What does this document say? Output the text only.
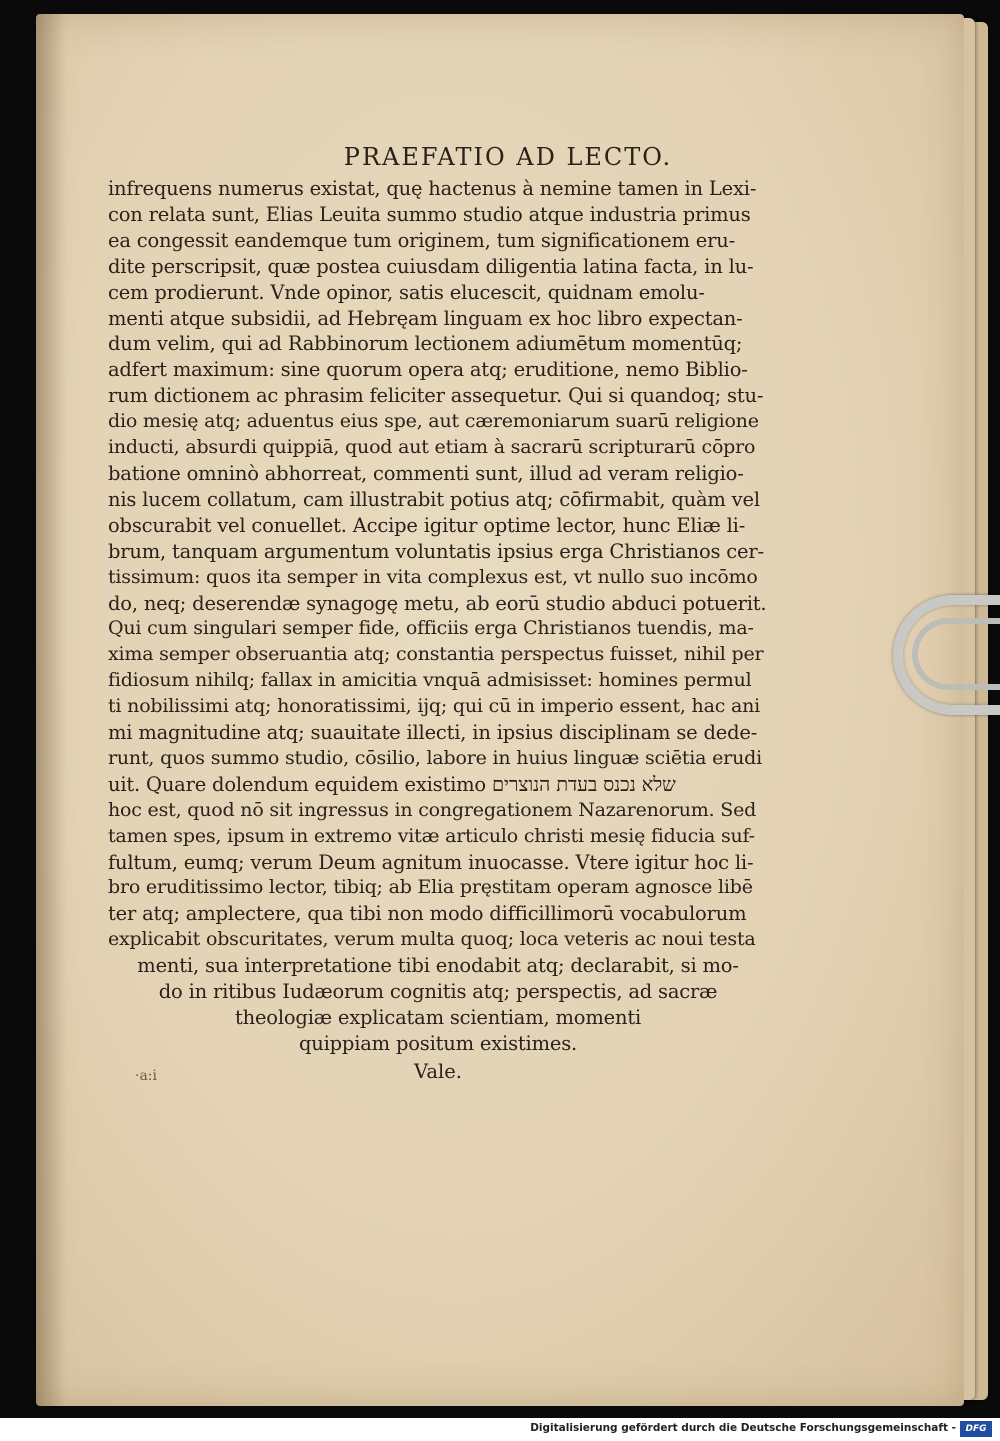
PRAEFATIO AD LECTO.
infrequens numerus existat, quę hactenus à nemine tamen in Lexi-
con relata sunt, Elias Leuita summo studio atque industria primus
ea congessit eandemque tum originem, tum significationem eru-
dite perscripsit, quæ postea cuiusdam diligentia latina facta, in lu-
cem prodierunt. Vnde opinor, satis elucescit, quidnam emolu-
menti atque subsidii, ad Hebręam linguam ex hoc libro expectan-
dum velim, qui ad Rabbinorum lectionem adiumētum momentūq;
adfert maximum: sine quorum opera atq; eruditione, nemo Biblio-
rum dictionem ac phrasim feliciter assequetur. Qui si quandoq; stu-
dio mesię atq; aduentus eius spe, aut cæremoniarum suarū religione
inducti, absurdi quippiā, quod aut etiam à sacrarū scripturarū cōpro
batione omninò abhorreat, commenti sunt, illud ad veram religio-
nis lucem collatum, cam illustrabit potius atq; cōfirmabit, quàm vel
obscurabit vel conuellet. Accipe igitur optime lector, hunc Eliæ li-
brum, tanquam argumentum voluntatis ipsius erga Christianos cer-
tissimum: quos ita semper in vita complexus est, vt nullo suo incōmo
do, neq; deserendæ synagogę metu, ab eorū studio abduci potuerit.
Qui cum singulari semper fide, officiis erga Christianos tuendis, ma-
xima semper obseruantia atq; constantia perspectus fuisset, nihil per
fidiosum nihilq; fallax in amicitia vnquā admisisset: homines permul
ti nobilissimi atq; honoratissimi, ijq; qui cū in imperio essent, hac ani
mi magnitudine atq; suauitate illecti, in ipsius disciplinam se dede-
runt, quos summo studio, cōsilio, labore in huius linguæ sciētia erudi
uit. Quare dolendum equidem existimo שלא נכנס בעדת הנוצרים
hoc est, quod nō sit ingressus in congregationem Nazarenorum. Sed
tamen spes, ipsum in extremo vitæ articulo christi mesię fiducia suf-
fultum, eumq; verum Deum agnitum inuocasse. Vtere igitur hoc li-
bro eruditissimo lector, tibiq; ab Elia pręstitam operam agnosce libē
ter atq; amplectere, qua tibi non modo difficillimorū vocabulorum
explicabit obscuritates, verum multa quoq; loca veteris ac noui testa
menti, sua interpretatione tibi enodabit atq; declarabit, si mo-
do in ritibus Iudæorum cognitis atq; perspectis, ad sacræ
theologiæ explicatam scientiam, momenti
quippiam positum existimes.
Vale.
·a:i
Digitalisierung gefördert durch die Deutsche Forschungsgemeinschaft -	DFG
